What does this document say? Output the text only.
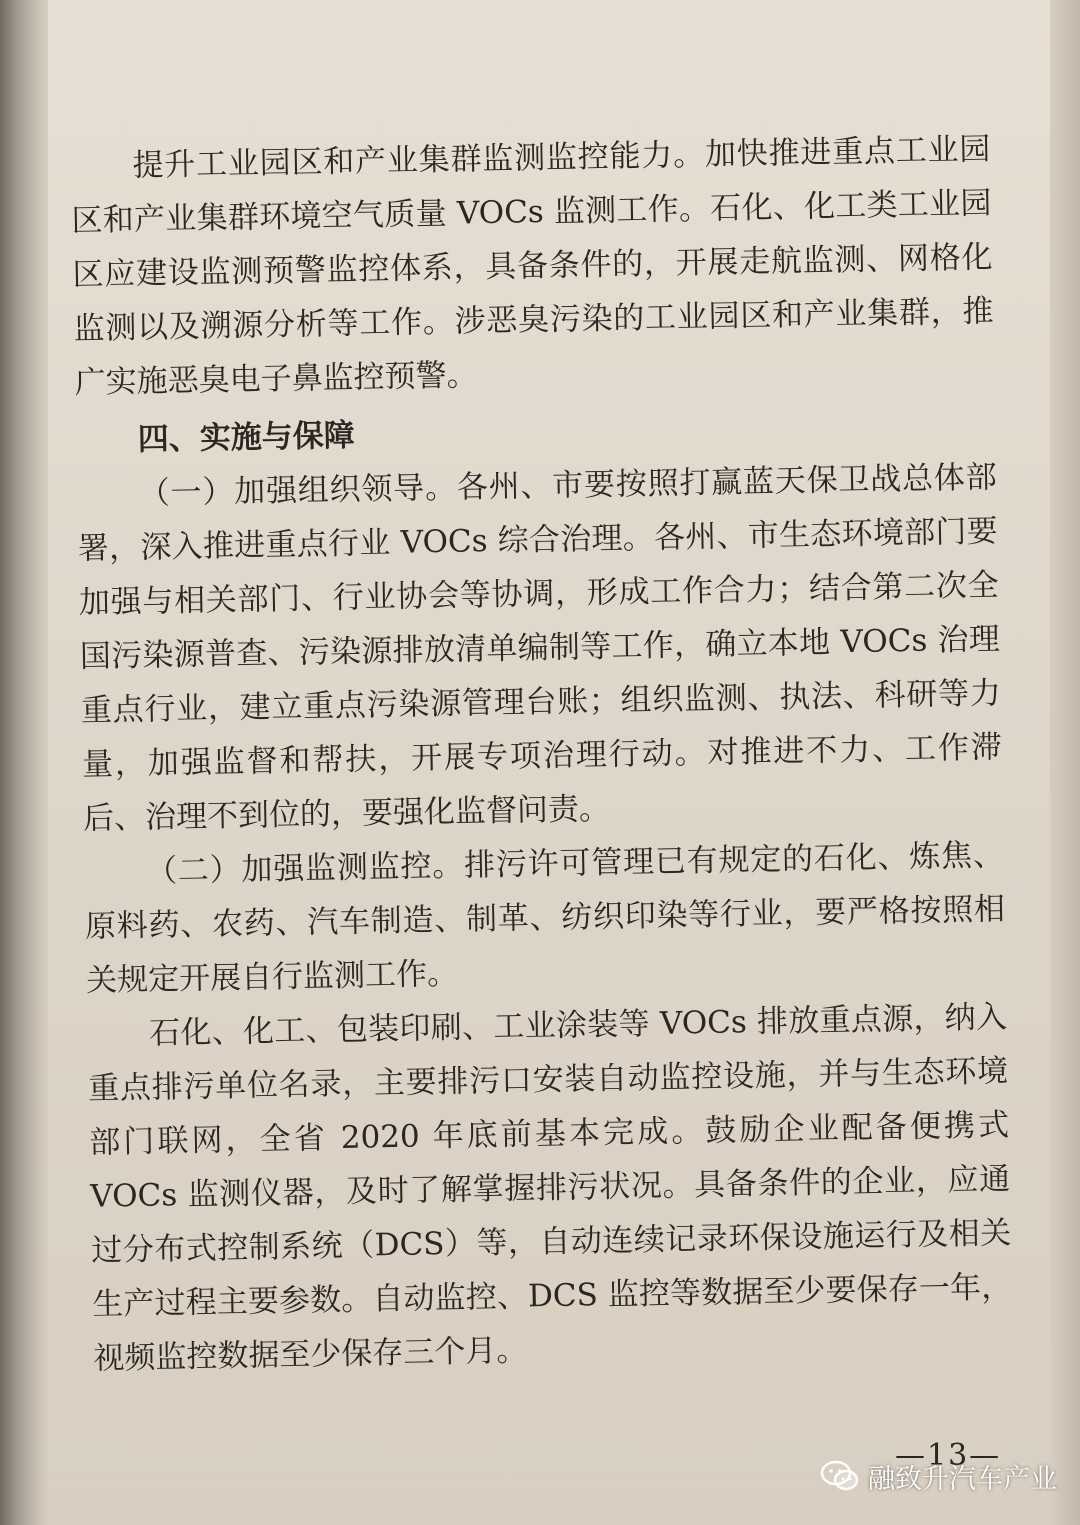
提升工业园区和产业集群监测监控能力。加快推进重点工业园区和产业集群环境空气质量 VOCs 监测工作。石化、化工类工业园区应建设监测预警监控体系，具备条件的，开展走航监测、网格化监测以及溯源分析等工作。涉恶臭污染的工业园区和产业集群，推广实施恶臭电子鼻监控预警。

四、实施与保障

（一）加强组织领导。各州、市要按照打赢蓝天保卫战总体部署，深入推进重点行业 VOCs 综合治理。各州、市生态环境部门要加强与相关部门、行业协会等协调，形成工作合力；结合第二次全国污染源普查、污染源排放清单编制等工作，确立本地 VOCs 治理重点行业，建立重点污染源管理台账；组织监测、执法、科研等力量，加强监督和帮扶，开展专项治理行动。对推进不力、工作滞后、治理不到位的，要强化监督问责。

（二）加强监测监控。排污许可管理已有规定的石化、炼焦、原料药、农药、汽车制造、制革、纺织印染等行业，要严格按照相关规定开展自行监测工作。

石化、化工、包装印刷、工业涂装等 VOCs 排放重点源，纳入重点排污单位名录，主要排污口安装自动监控设施，并与生态环境部门联网，全省 2020 年底前基本完成。鼓励企业配备便携式 VOCs 监测仪器，及时了解掌握排污状况。具备条件的企业，应通过分布式控制系统（DCS）等，自动连续记录环保设施运行及相关生产过程主要参数。自动监控、DCS 监控等数据至少要保存一年，视频监控数据至少保存三个月。

—13—
融致升汽车产业
